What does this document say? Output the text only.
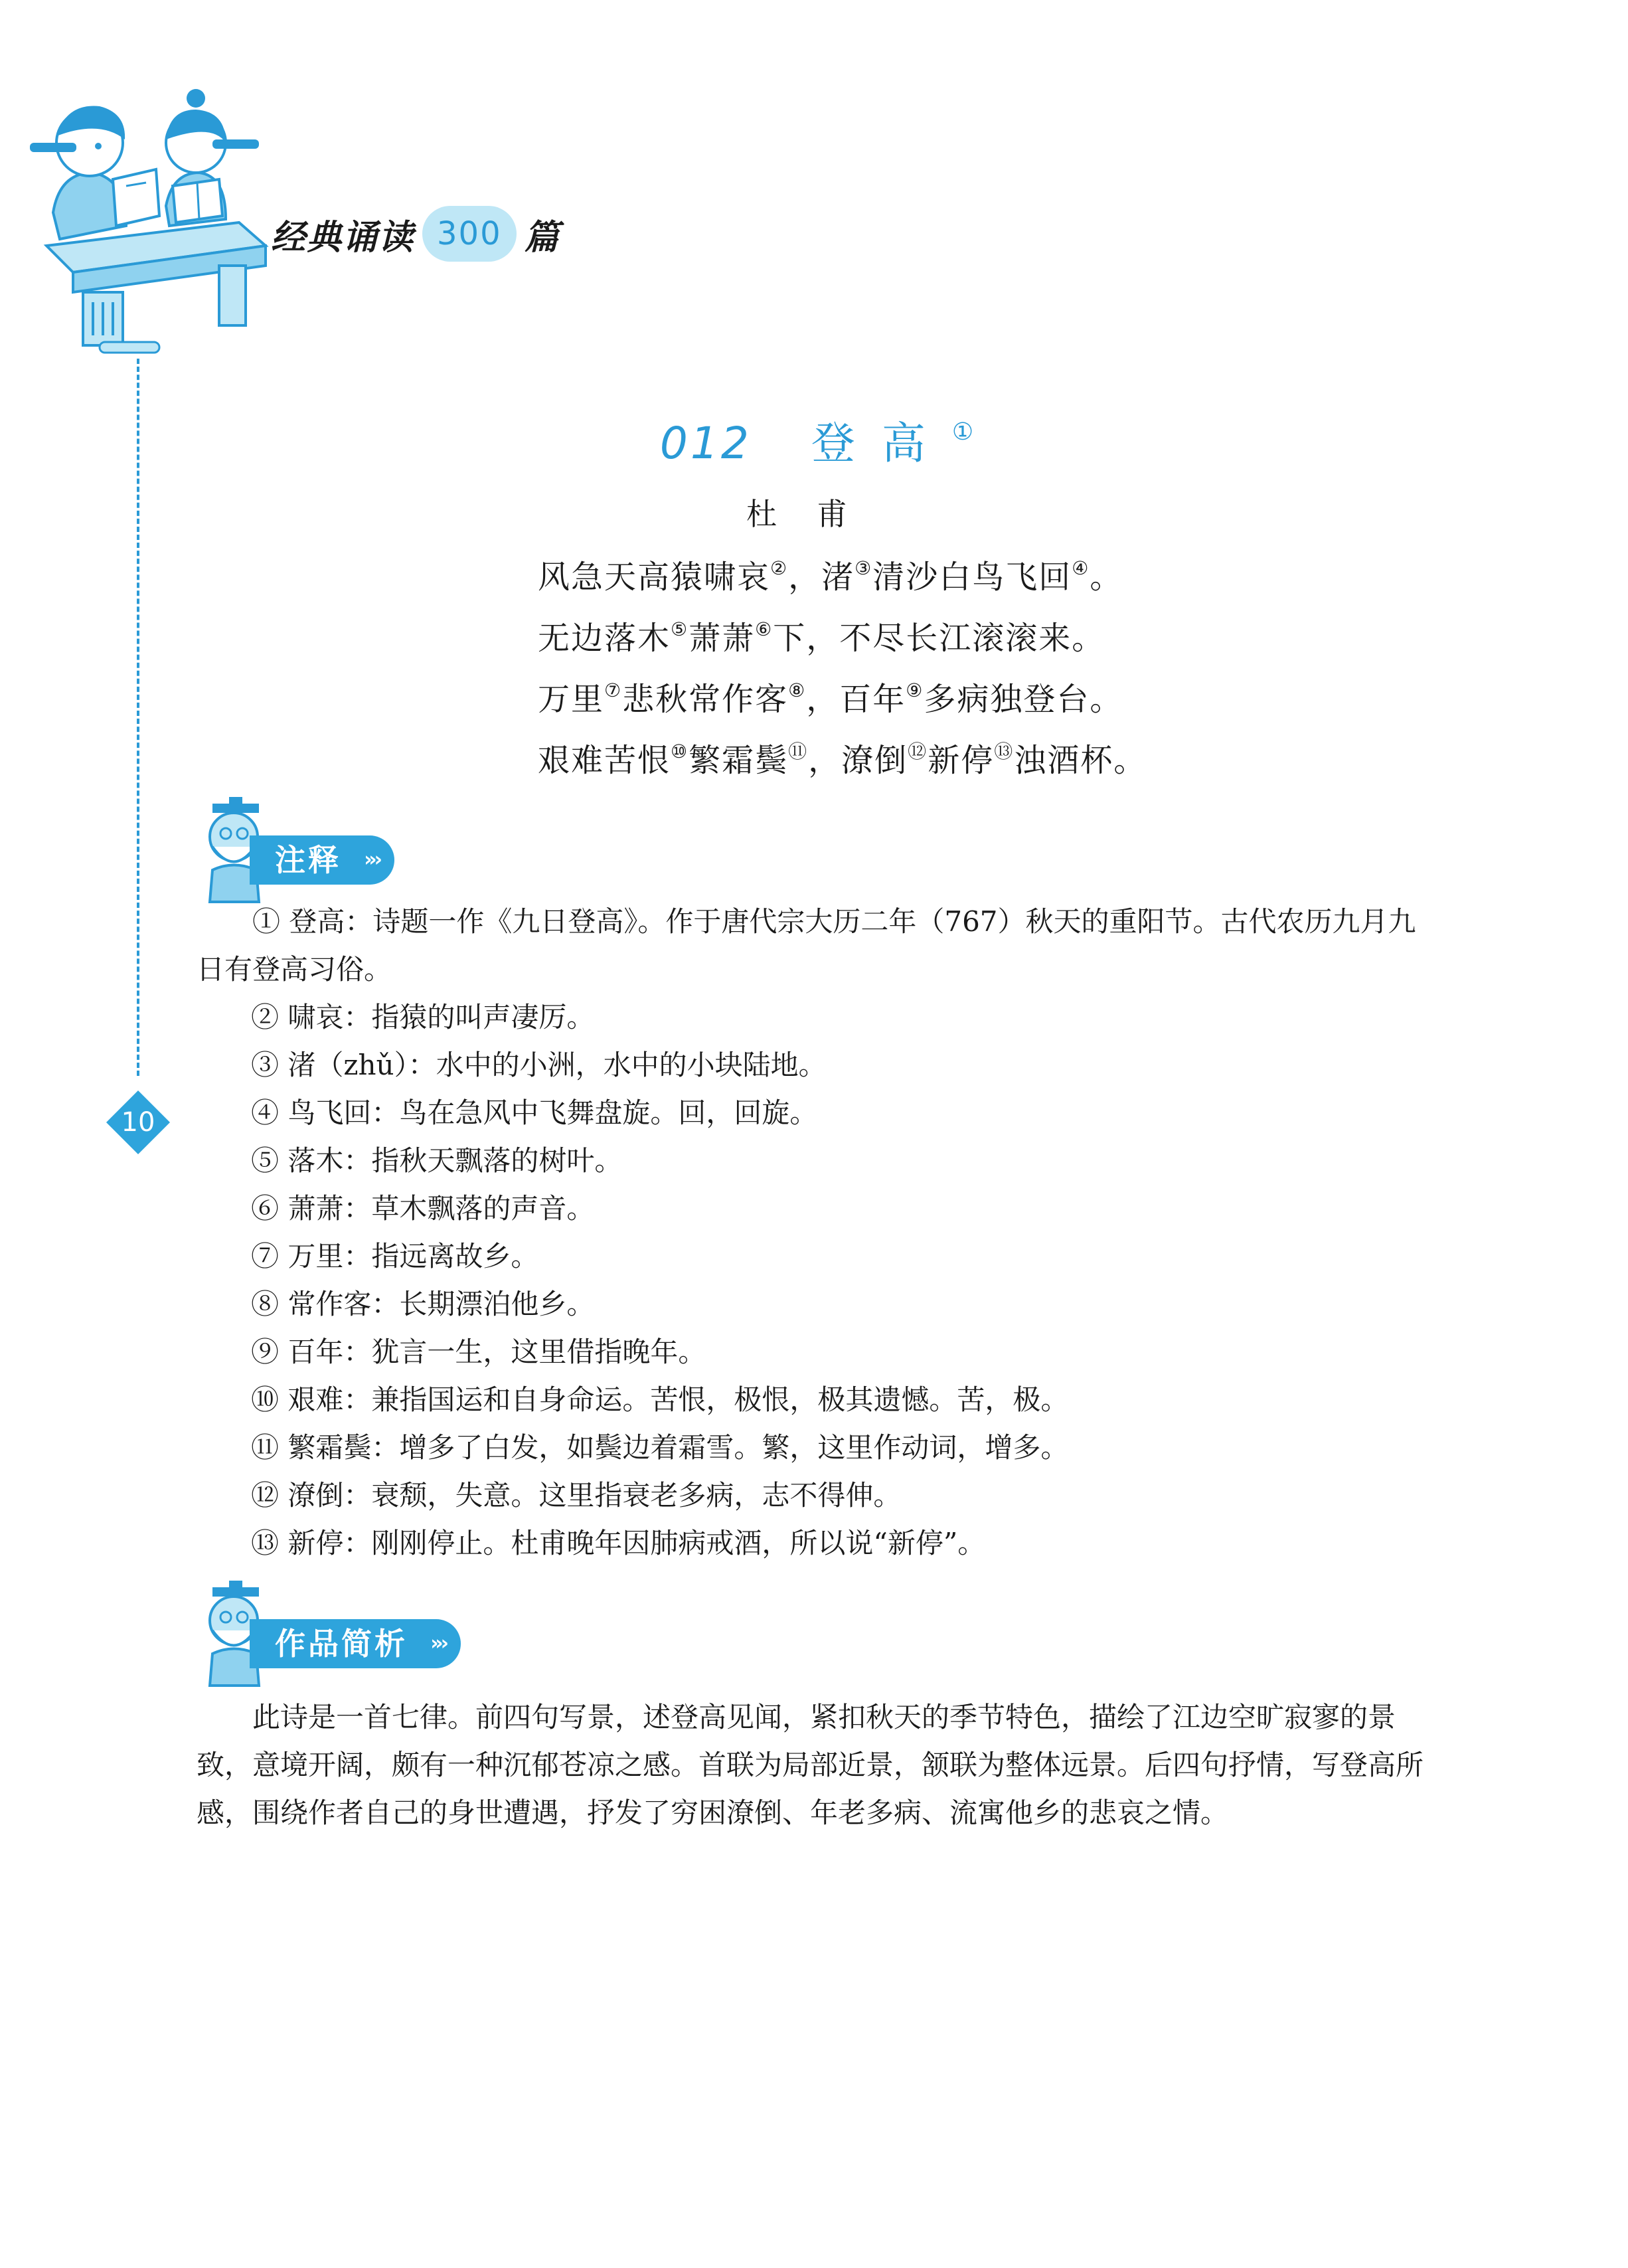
经典诵读 300 篇
10
012 登高①
杜甫
风急天高猿啸哀②，渚③清沙白鸟飞回④。
无边落木⑤萧萧⑥下，不尽长江滚滚来。
万里⑦悲秋常作客⑧，百年⑨多病独登台。
艰难苦恨⑩繁霜鬓⑪，潦倒⑫新停⑬浊酒杯。
注释 »›
① 登高：诗题一作《九日登高》。作于唐代宗大历二年（767）秋天的重阳节。古代农历九月九日有登高习俗。
② 啸哀：指猿的叫声凄厉。
③ 渚（zhǔ）：水中的小洲，水中的小块陆地。
④ 鸟飞回：鸟在急风中飞舞盘旋。回，回旋。
⑤ 落木：指秋天飘落的树叶。
⑥ 萧萧：草木飘落的声音。
⑦ 万里：指远离故乡。
⑧ 常作客：长期漂泊他乡。
⑨ 百年：犹言一生，这里借指晚年。
⑩ 艰难：兼指国运和自身命运。苦恨，极恨，极其遗憾。苦，极。
⑪ 繁霜鬓：增多了白发，如鬓边着霜雪。繁，这里作动词，增多。
⑫ 潦倒：衰颓，失意。这里指衰老多病，志不得伸。
⑬ 新停：刚刚停止。杜甫晚年因肺病戒酒，所以说“新停”。
作品简析 »›
此诗是一首七律。前四句写景，述登高见闻，紧扣秋天的季节特色，描绘了江边空旷寂寥的景致，意境开阔，颇有一种沉郁苍凉之感。首联为局部近景，颔联为整体远景。后四句抒情，写登高所感，围绕作者自己的身世遭遇，抒发了穷困潦倒、年老多病、流寓他乡的悲哀之情。
